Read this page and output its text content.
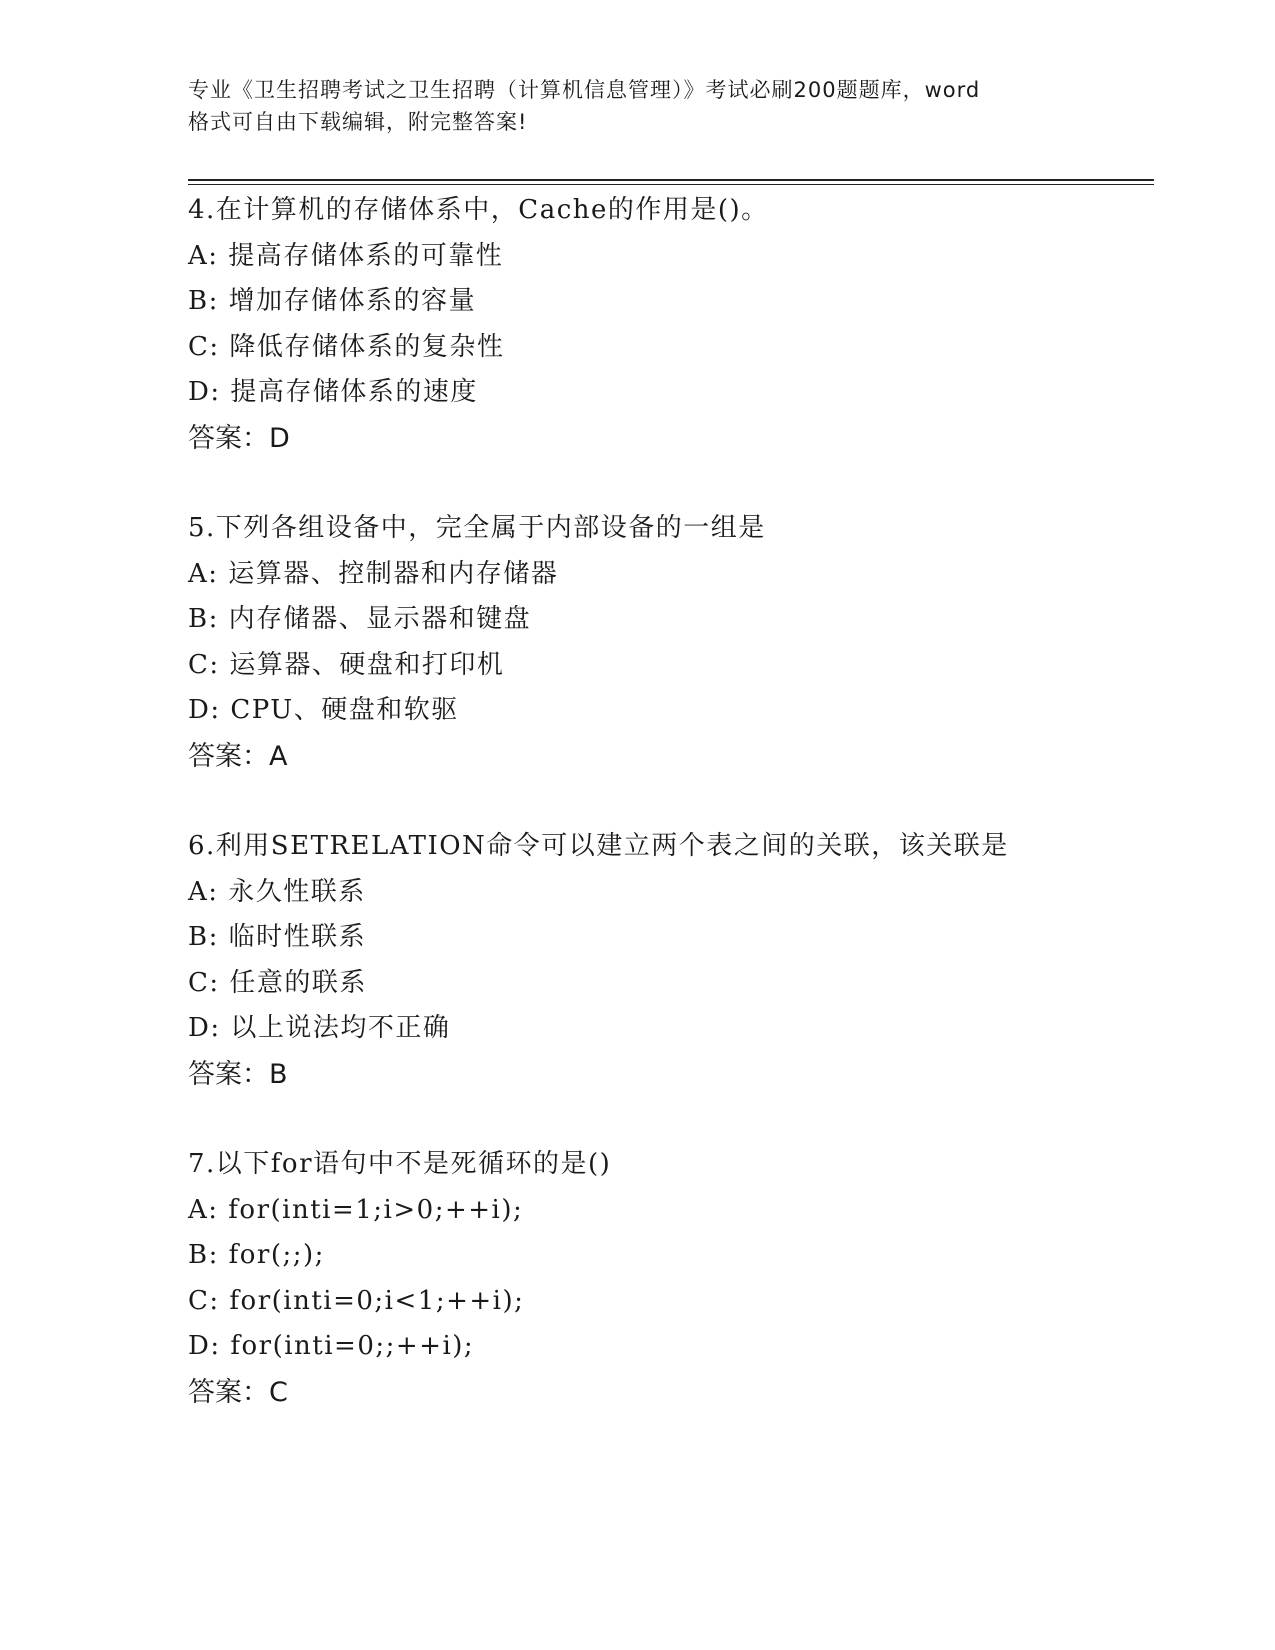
专业《卫生招聘考试之卫生招聘（计算机信息管理）》考试必刷200题题库，word
格式可自由下载编辑，附完整答案!
4.在计算机的存储体系中，Cache的作用是()。
A: 提高存储体系的可靠性
B: 增加存储体系的容量
C: 降低存储体系的复杂性
D: 提高存储体系的速度
答案：D
5.下列各组设备中，完全属于内部设备的一组是
A: 运算器、控制器和内存储器
B: 内存储器、显示器和键盘
C: 运算器、硬盘和打印机
D: CPU、硬盘和软驱
答案：A
6.利用SETRELATION命令可以建立两个表之间的关联，该关联是
A: 永久性联系
B: 临时性联系
C: 任意的联系
D: 以上说法均不正确
答案：B
7.以下for语句中不是死循环的是()
A: for(inti=1;i>0;++i);
B: for(;;);
C: for(inti=0;i<1;++i);
D: for(inti=0;;++i);
答案：C
